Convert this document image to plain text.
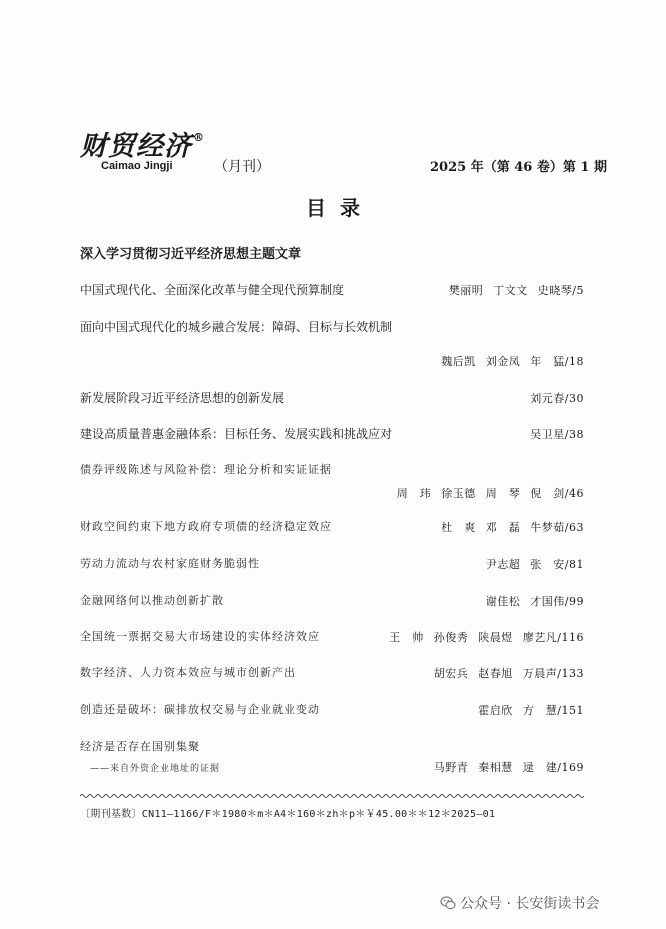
财贸经济®
Caimao Jingji	（月刊）	2025 年（第 46 卷）第 1 期
目录
深入学习贯彻习近平经济思想主题文章
中国式现代化、全面深化改革与健全现代预算制度	樊丽明 丁文文 史晓琴/5
面向中国式现代化的城乡融合发展：障碍、目标与长效机制
魏后凯 刘金凤 年　猛/18
新发展阶段习近平经济思想的创新发展	刘元春/30
建设高质量普惠金融体系：目标任务、发展实践和挑战应对	吴卫星/38
债券评级陈述与风险补偿：理论分析和实证证据
周　玮 徐玉德 周　琴 倪　剑/46
财政空间约束下地方政府专项债的经济稳定效应	杜　爽 邓　磊 牛梦茹/63
劳动力流动与农村家庭财务脆弱性	尹志超 张　安/81
金融网络何以推动创新扩散	谢佳松 才国伟/99
全国统一票据交易大市场建设的实体经济效应	王　帅 孙俊秀 陕晨煜 廖艺凡/116
数字经济、人力资本效应与城市创新产出	胡宏兵 赵春旭 万晨声/133
创造还是破坏：碳排放权交易与企业就业变动	霍启欣 方　慧/151
经济是否存在国别集聚
——来自外资企业地址的证据	马野青 秦相慧 逯　建/169
〔期刊基数〕CN11—1166/F＊1980＊m＊A4＊160＊zh＊p＊￥45.00＊＊12＊2025—01
公众号 · 长安街读书会
